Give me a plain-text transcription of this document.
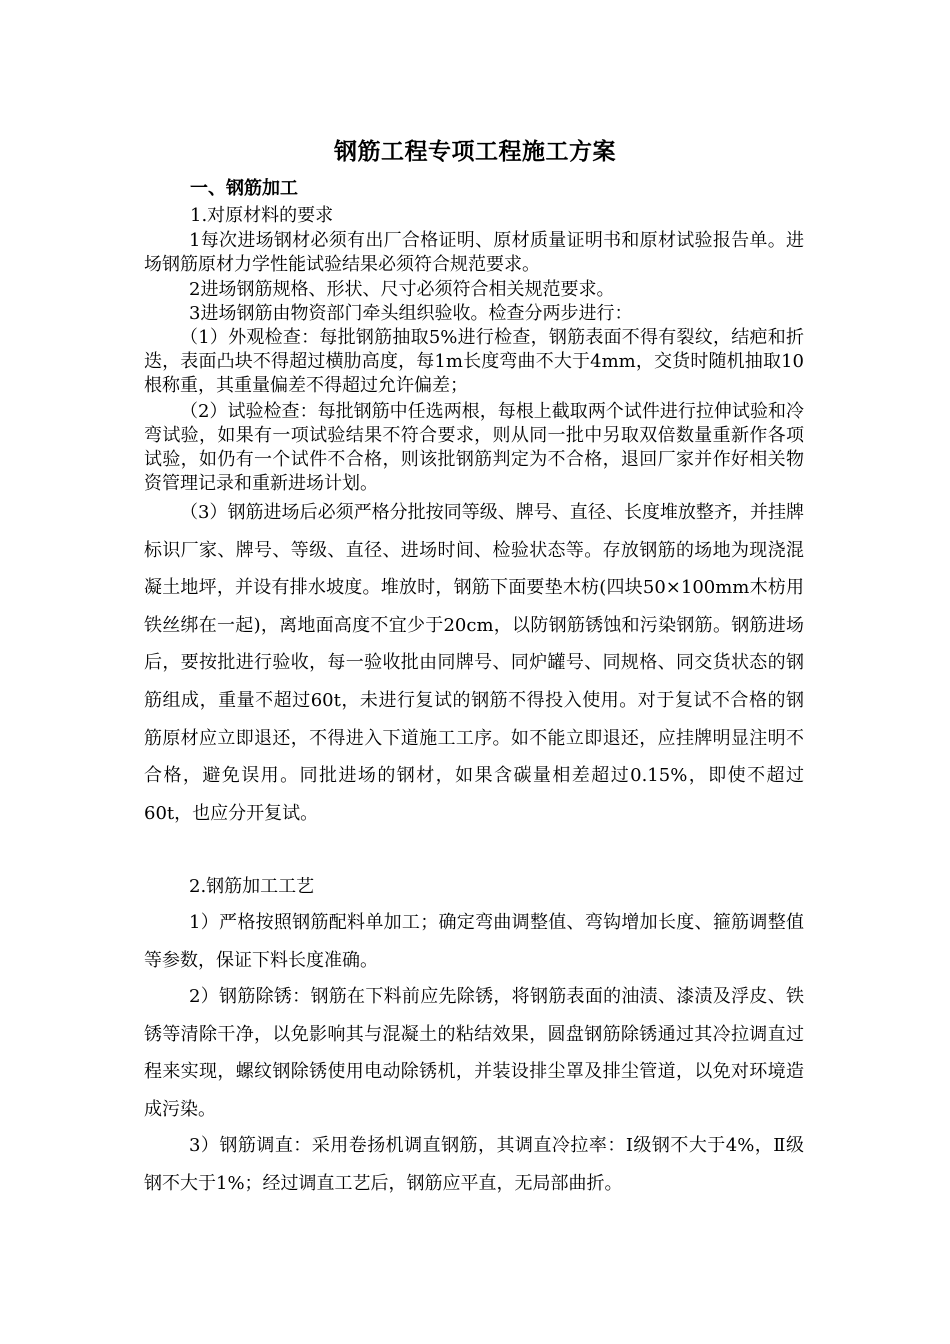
钢筋工程专项工程施工方案
一、钢筋加工

1.对原材料的要求

1每次进场钢材必须有出厂合格证明、原材质量证明书和原材试验报告单。进场钢筋原材力学性能试验结果必须符合规范要求。

2进场钢筋规格、形状、尺寸必须符合相关规范要求。

3进场钢筋由物资部门牵头组织验收。检查分两步进行：

（1）外观检查：每批钢筋抽取5%进行检查，钢筋表面不得有裂纹，结疤和折迭，表面凸块不得超过横肋高度，每1m长度弯曲不大于4mm，交货时随机抽取10根称重，其重量偏差不得超过允许偏差；

（2）试验检查：每批钢筋中任选两根，每根上截取两个试件进行拉伸试验和冷弯试验，如果有一项试验结果不符合要求，则从同一批中另取双倍数量重新作各项试验，如仍有一个试件不合格，则该批钢筋判定为不合格，退回厂家并作好相关物资管理记录和重新进场计划。

（3）钢筋进场后必须严格分批按同等级、牌号、直径、长度堆放整齐，并挂牌标识厂家、牌号、等级、直径、进场时间、检验状态等。存放钢筋的场地为现浇混凝土地坪，并设有排水坡度。堆放时，钢筋下面要垫木枋(四块50×100mm木枋用铁丝绑在一起)，离地面高度不宜少于20cm，以防钢筋锈蚀和污染钢筋。钢筋进场后，要按批进行验收，每一验收批由同牌号、同炉罐号、同规格、同交货状态的钢筋组成，重量不超过60t，未进行复试的钢筋不得投入使用。对于复试不合格的钢筋原材应立即退还，不得进入下道施工工序。如不能立即退还，应挂牌明显注明不合格，避免误用。同批进场的钢材，如果含碳量相差超过0.15%，即使不超过60t，也应分开复试。

2.钢筋加工工艺

1）严格按照钢筋配料单加工；确定弯曲调整值、弯钩增加长度、箍筋调整值等参数，保证下料长度准确。

2）钢筋除锈：钢筋在下料前应先除锈，将钢筋表面的油渍、漆渍及浮皮、铁锈等清除干净，以免影响其与混凝土的粘结效果，圆盘钢筋除锈通过其冷拉调直过程来实现，螺纹钢除锈使用电动除锈机，并装设排尘罩及排尘管道，以免对环境造成污染。

3）钢筋调直：采用卷扬机调直钢筋，其调直冷拉率：Ⅰ级钢不大于4%，Ⅱ级钢不大于1%；经过调直工艺后，钢筋应平直，无局部曲折。
